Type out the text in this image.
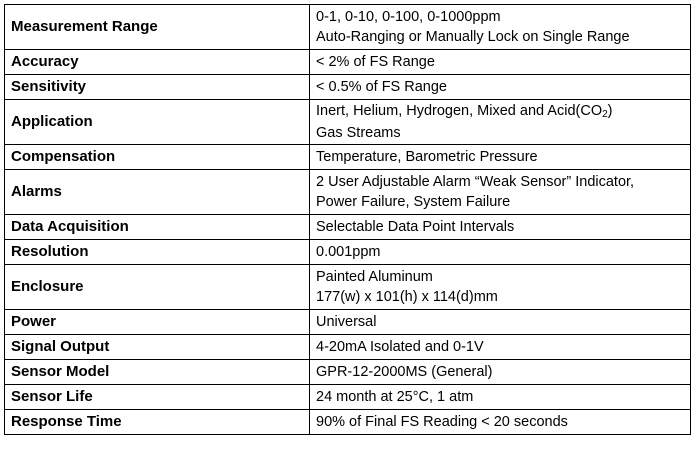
Measurement Range	0-1, 0-10, 0-100, 0-1000ppm
Auto-Ranging or Manually Lock on Single Range

Accuracy	< 2% of FS Range
Sensitivity	< 0.5% of FS Range
Application	Inert, Helium, Hydrogen, Mixed and Acid(CO2)
Gas Streams

Compensation	Temperature, Barometric Pressure
Alarms	2 User Adjustable Alarm “Weak Sensor” Indicator,
Power Failure, System Failure

Data Acquisition	Selectable Data Point Intervals
Resolution	0.001ppm
Enclosure	Painted Aluminum
177(w) x 101(h) x 114(d)mm

Power	Universal
Signal Output	4-20mA Isolated and 0-1V
Sensor Model	GPR-12-2000MS (General)
Sensor Life	24 month at 25°C, 1 atm
Response Time	90% of Final FS Reading < 20 seconds
